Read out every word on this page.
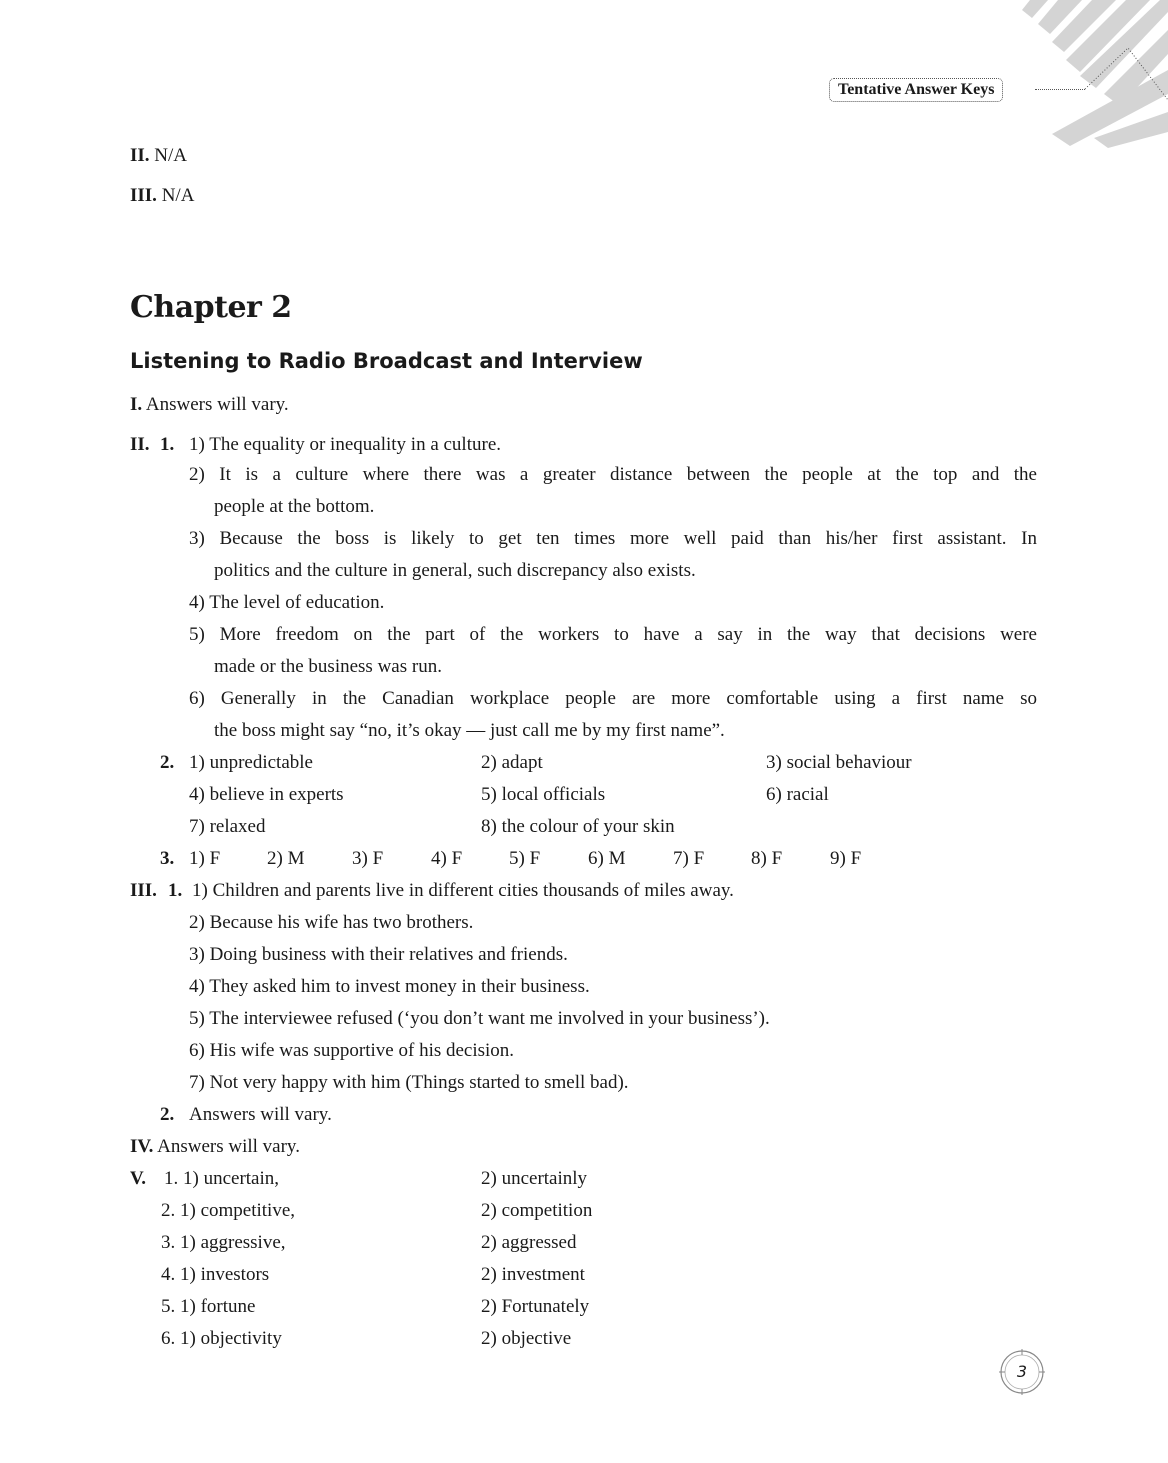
Tentative Answer Keys
II. N/A
III. N/A
Chapter 2
Listening to Radio Broadcast and Interview
I. Answers will vary.
II. 1. 1) The equality or inequality in a culture.
2) It is a culture where there was a greater distance between the people at the top and the
people at the bottom.
3) Because the boss is likely to get ten times more well paid than his/her first assistant. In
politics and the culture in general, such discrepancy also exists.
4) The level of education.
5) More freedom on the part of the workers to have a say in the way that decisions were
made or the business was run.
6) Generally in the Canadian workplace people are more comfortable using a first name so
the boss might say “no, it’s okay — just call me by my first name”.
2. 1) unpredictable	2) adapt	3) social behaviour
4) believe in experts	5) local officials	6) racial
7) relaxed	8) the colour of your skin
3. 1) F 2) M	3) F	4) F 5) F	6) M	7) F 8) F	9) F
III. 1. 1) Children and parents live in different cities thousands of miles away.
2) Because his wife has two brothers.
3) Doing business with their relatives and friends.
4) They asked him to invest money in their business.
5) The interviewee refused (‘you don’t want me involved in your business’).
6) His wife was supportive of his decision.
7) Not very happy with him (Things started to smell bad).
2. Answers will vary.
IV. Answers will vary.
V. 1. 1) uncertain,	2) uncertainly
2. 1) competitive,	2) competition
3. 1) aggressive,	2) aggressed
4. 1) investors	2) investment
5. 1) fortune	2) Fortunately
6. 1) objectivity	2) objective
3
